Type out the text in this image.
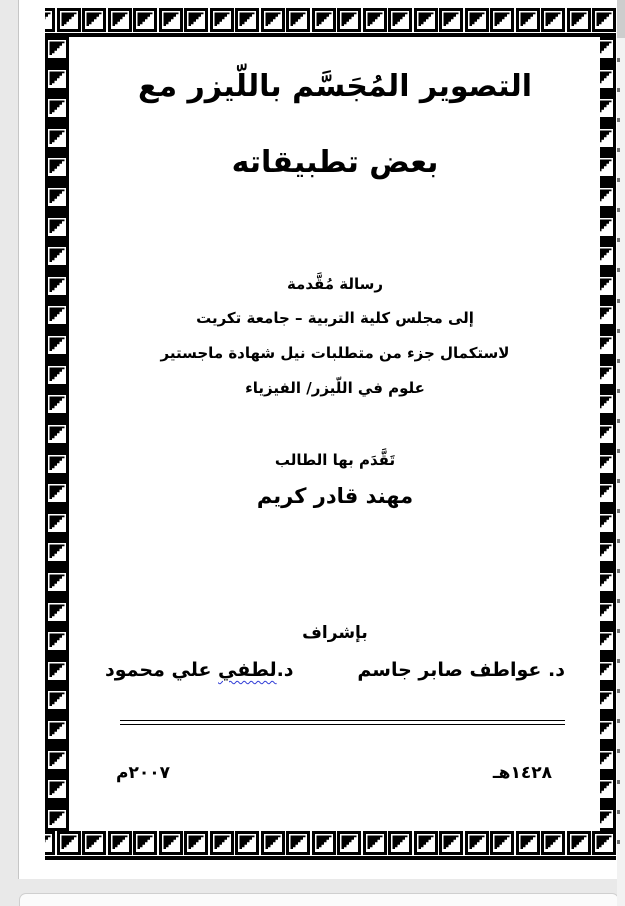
التصوير المُجَسَّم باللّيزر مع
بعض تطبيقاته
رسالة مُقَّدمة
إلى مجلس كلية التربية – جامعة تكريت
لاستكمال جزء من متطلبات نيل شهادة ماجستير
علوم في اللّيزر/ الفيزياء
تَقَّدَم بها الطالب
مهند قادر كريم
بإشراف
د. عواطف صابر جاسم
د.لطفي علي محمود
١٤٢٨هـ
٢٠٠٧م
